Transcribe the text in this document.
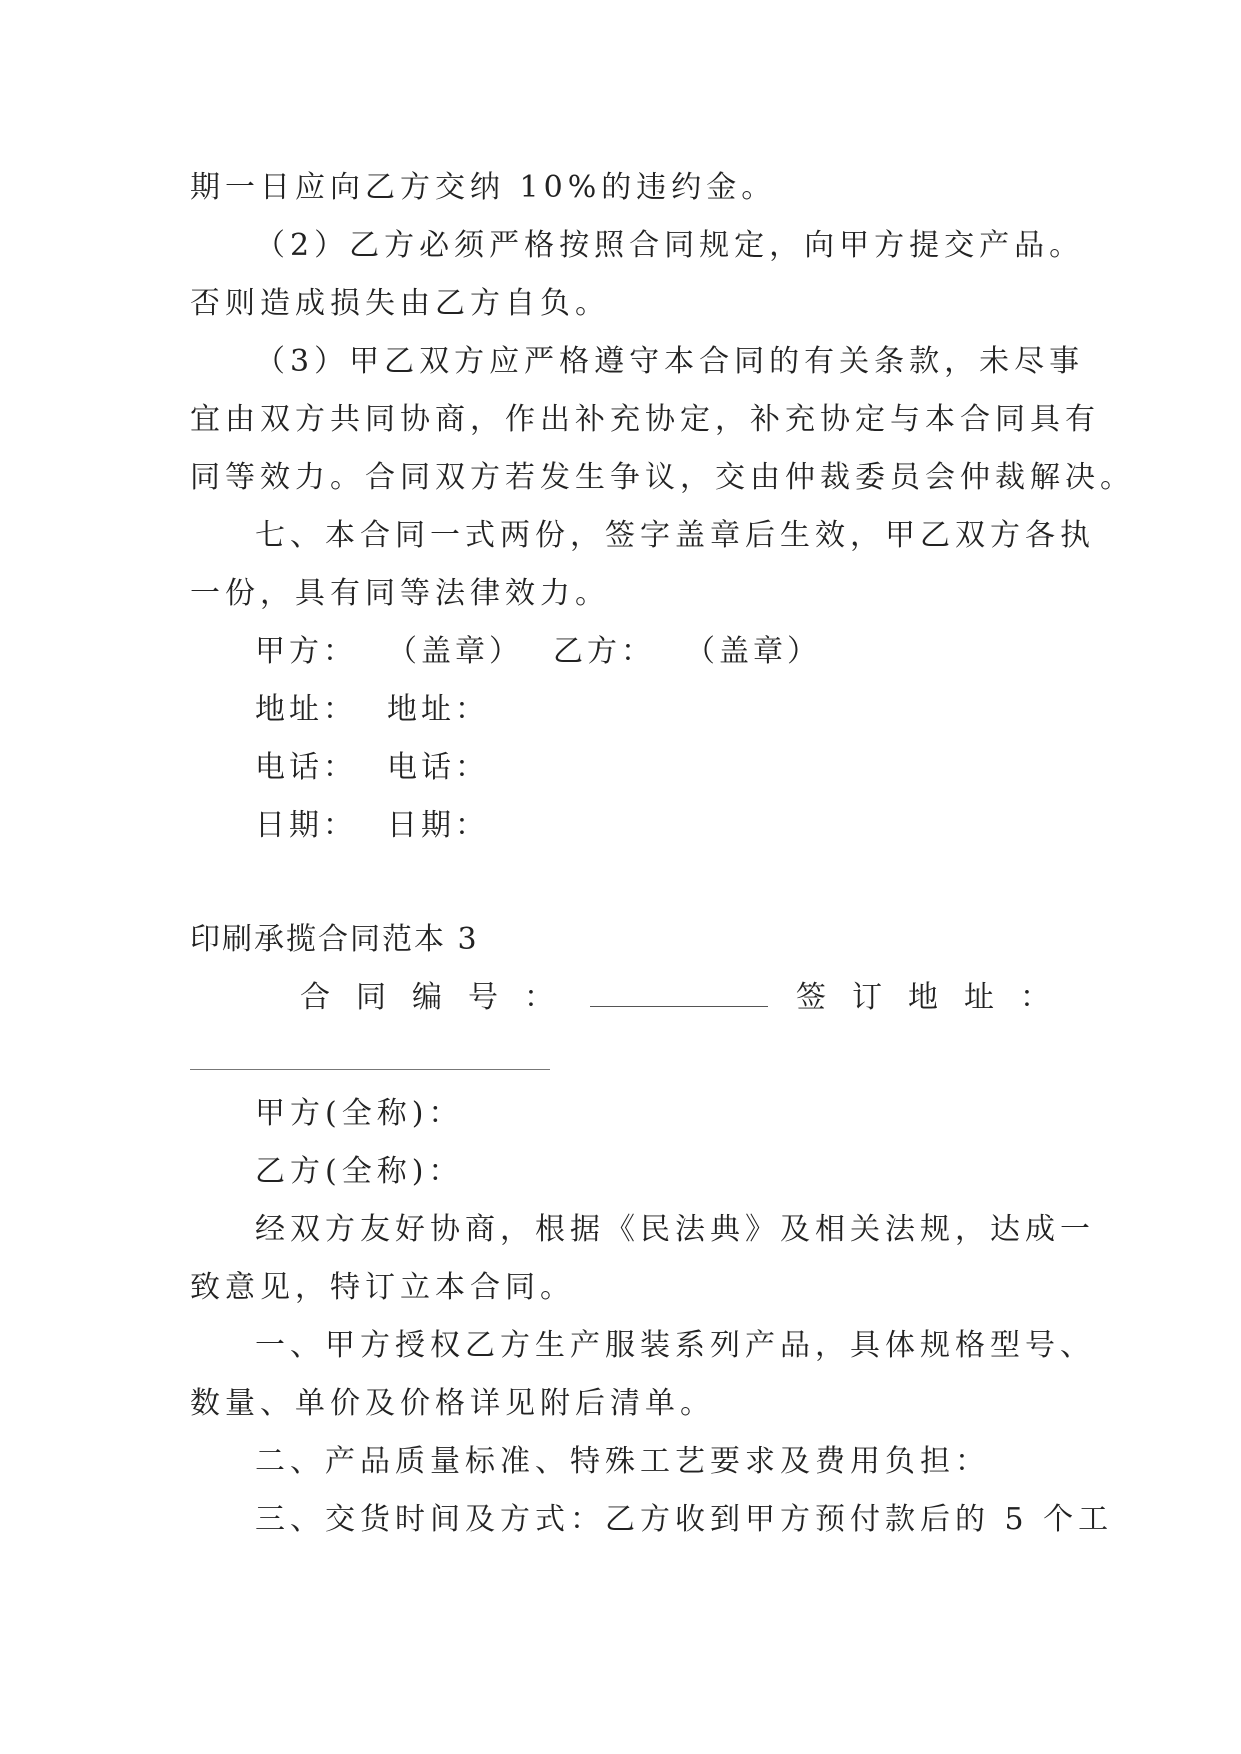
期一日应向乙方交纳 10%的违约金。
（2）乙方必须严格按照合同规定，向甲方提交产品。
否则造成损失由乙方自负。
（3）甲乙双方应严格遵守本合同的有关条款，未尽事
宜由双方共同协商，作出补充协定，补充协定与本合同具有
同等效力。合同双方若发生争议，交由仲裁委员会仲裁解决。
七、本合同一式两份，签字盖章后生效，甲乙双方各执
一份，具有同等法律效力。
甲方： （盖章） 乙方： （盖章）
地址： 地址：
电话： 电话：
日期： 日期：
印刷承揽合同范本 3
合同编号：	签订地址：
甲方(全称)：
乙方(全称)：
经双方友好协商，根据《民法典》及相关法规，达成一
致意见，特订立本合同。
一、甲方授权乙方生产服装系列产品，具体规格型号、
数量、单价及价格详见附后清单。
二、产品质量标准、特殊工艺要求及费用负担：
三、交货时间及方式：乙方收到甲方预付款后的 5 个工
